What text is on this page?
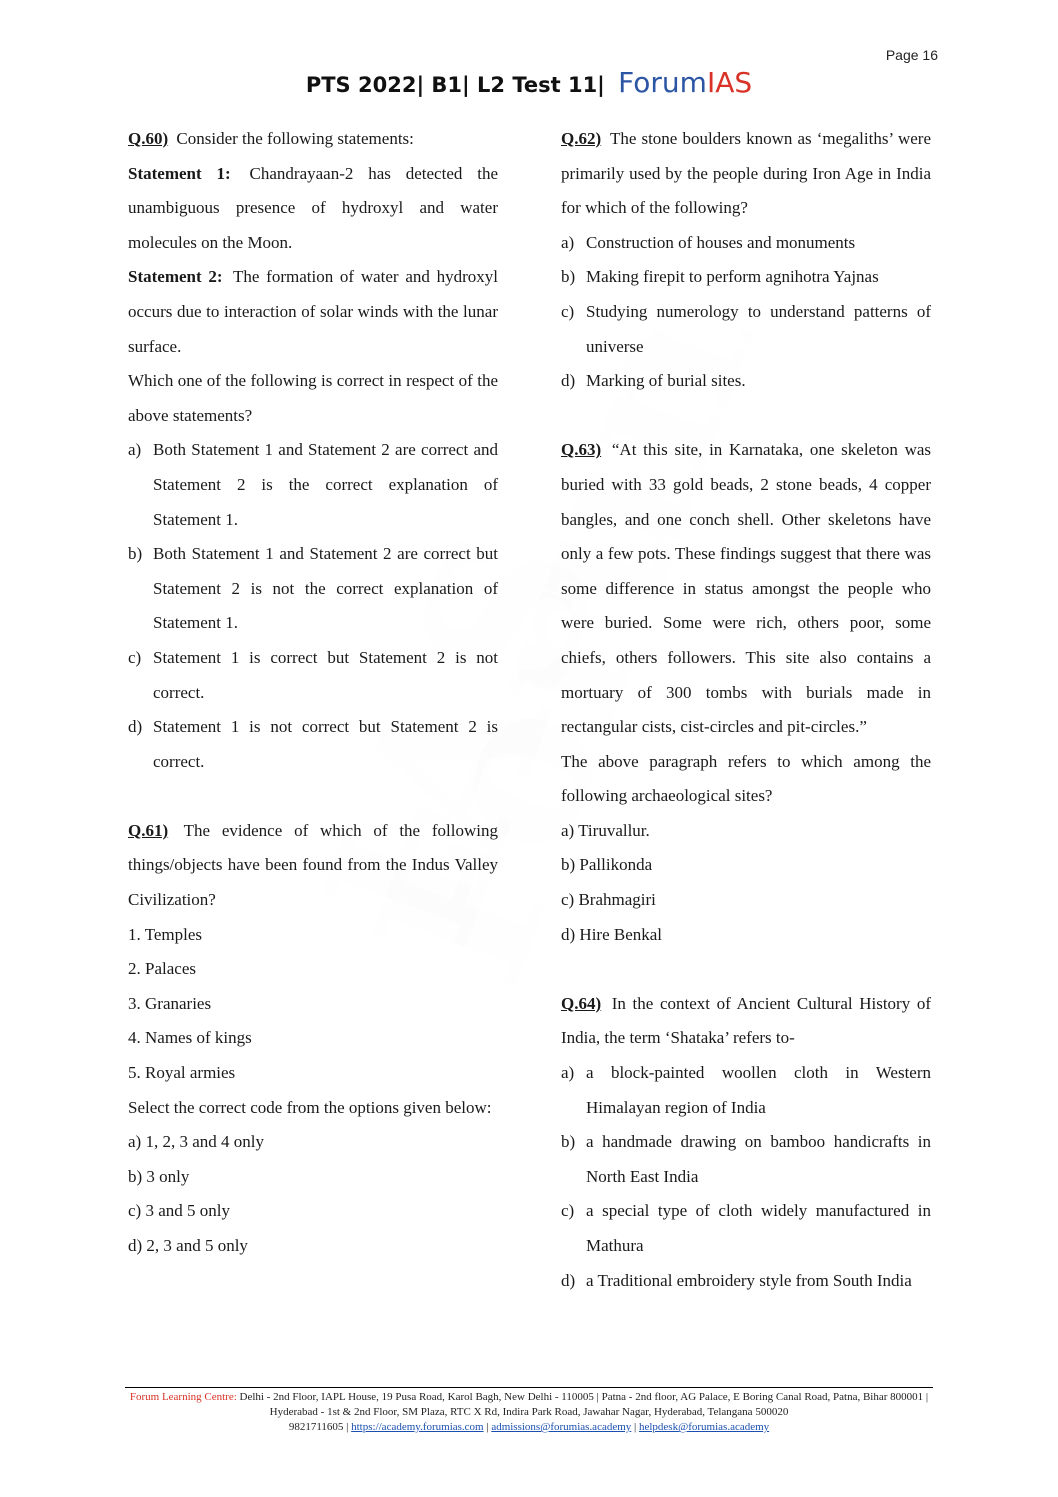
Page 16
PTS 2022| B1| L2 Test 11| ForumIAS

Q.60) Consider the following statements:

Statement 1: Chandrayaan-2 has detected the unambiguous presence of hydroxyl and water molecules on the Moon.

Statement 2: The formation of water and hydroxyl occurs due to interaction of solar winds with the lunar surface.

Which one of the following is correct in respect of the above statements?

a) Both Statement 1 and Statement 2 are correct and Statement 2 is the correct explanation of Statement 1.
b) Both Statement 1 and Statement 2 are correct but Statement 2 is not the correct explanation of Statement 1.
c) Statement 1 is correct but Statement 2 is not correct.
d) Statement 1 is not correct but Statement 2 is correct.

Q.61) The evidence of which of the following things/objects have been found from the Indus Valley Civilization?

1. Temples

2. Palaces

3. Granaries

4. Names of kings

5. Royal armies

Select the correct code from the options given below:

a) 1, 2, 3 and 4 only

b) 3 only

c) 3 and 5 only

d) 2, 3 and 5 only

Q.62) The stone boulders known as ‘megaliths’ were primarily used by the people during Iron Age in India for which of the following?

a) Construction of houses and monuments
b) Making firepit to perform agnihotra Yajnas
c) Studying numerology to understand patterns of universe
d) Marking of burial sites.

Q.63) “At this site, in Karnataka, one skeleton was buried with 33 gold beads, 2 stone beads, 4 copper bangles, and one conch shell. Other skeletons have only a few pots. These findings suggest that there was some difference in status amongst the people who were buried. Some were rich, others poor, some chiefs, others followers. This site also contains a mortuary of 300 tombs with burials made in rectangular cists, cist-circles and pit-circles.”

The above paragraph refers to which among the following archaeological sites?

a) Tiruvallur.

b) Pallikonda

c) Brahmagiri

d) Hire Benkal

Q.64) In the context of Ancient Cultural History of India, the term ‘Shataka’ refers to-

a) a block-painted woollen cloth in Western Himalayan region of India
b) a handmade drawing on bamboo handicrafts in North East India
c) a special type of cloth widely manufactured in Mathura
d) a Traditional embroidery style from South India
Forum Learning Centre: Delhi - 2nd Floor, IAPL House, 19 Pusa Road, Karol Bagh, New Delhi - 110005 | Patna - 2nd floor, AG Palace, E Boring Canal Road, Patna, Bihar 800001 | Hyderabad - 1st & 2nd Floor, SM Plaza, RTC X Rd, Indira Park Road, Jawahar Nagar, Hyderabad, Telangana 500020
9821711605 | https://academy.forumias.com | admissions@forumias.academy | helpdesk@forumias.academy
